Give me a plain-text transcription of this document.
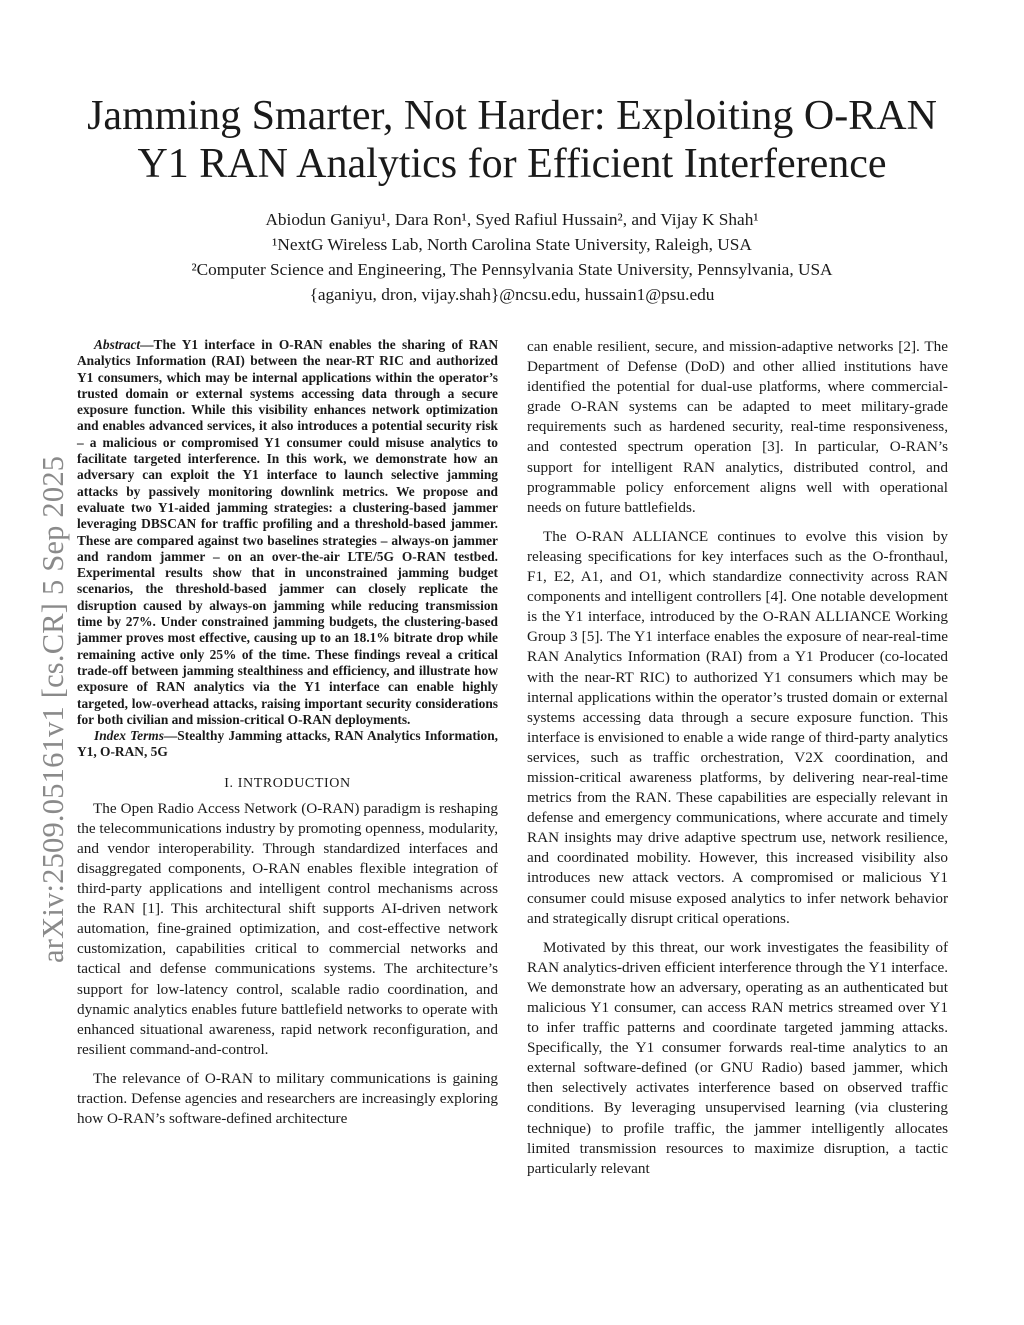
Jamming Smarter, Not Harder: Exploiting O-RAN
Y1 RAN Analytics for Efficient Interference
Abiodun Ganiyu¹, Dara Ron¹, Syed Rafiul Hussain², and Vijay K Shah¹
¹NextG Wireless Lab, North Carolina State University, Raleigh, USA
²Computer Science and Engineering, The Pennsylvania State University, Pennsylvania, USA
{aganiyu, dron, vijay.shah}@ncsu.edu, hussain1@psu.edu
arXiv:2509.05161v1 [cs.CR] 5 Sep 2025

Abstract—The Y1 interface in O-RAN enables the sharing of RAN Analytics Information (RAI) between the near-RT RIC and authorized Y1 consumers, which may be internal applications within the operator’s trusted domain or external systems accessing data through a secure exposure function. While this visibility enhances network optimization and enables advanced services, it also introduces a potential security risk – a malicious or compromised Y1 consumer could misuse analytics to facilitate targeted interference. In this work, we demonstrate how an adversary can exploit the Y1 interface to launch selective jamming attacks by passively monitoring downlink metrics. We propose and evaluate two Y1-aided jamming strategies: a clustering-based jammer leveraging DBSCAN for traffic profiling and a threshold-based jammer. These are compared against two baselines strategies – always-on jammer and random jammer – on an over-the-air LTE/5G O-RAN testbed. Experimental results show that in unconstrained jamming budget scenarios, the threshold-based jammer can closely replicate the disruption caused by always-on jamming while reducing transmission time by 27%. Under constrained jamming budgets, the clustering-based jammer proves most effective, causing up to an 18.1% bitrate drop while remaining active only 25% of the time. These findings reveal a critical trade-off between jamming stealthiness and efficiency, and illustrate how exposure of RAN analytics via the Y1 interface can enable highly targeted, low-overhead attacks, raising important security considerations for both civilian and mission-critical O-RAN deployments.

Index Terms—Stealthy Jamming attacks, RAN Analytics Information, Y1, O-RAN, 5G

I. INTRODUCTION

The Open Radio Access Network (O-RAN) paradigm is reshaping the telecommunications industry by promoting openness, modularity, and vendor interoperability. Through standardized interfaces and disaggregated components, O-RAN enables flexible integration of third-party applications and intelligent control mechanisms across the RAN [1]. This architectural shift supports AI-driven network automation, fine-grained optimization, and cost-effective network customization, capabilities critical to commercial networks and tactical and defense communications systems. The architecture’s support for low-latency control, scalable radio coordination, and dynamic analytics enables future battlefield networks to operate with enhanced situational awareness, rapid network reconfiguration, and resilient command-and-control.

The relevance of O-RAN to military communications is gaining traction. Defense agencies and researchers are increasingly exploring how O-RAN’s software-defined architecture

can enable resilient, secure, and mission-adaptive networks [2]. The Department of Defense (DoD) and other allied institutions have identified the potential for dual-use platforms, where commercial-grade O-RAN systems can be adapted to meet military-grade requirements such as hardened security, real-time responsiveness, and contested spectrum operation [3]. In particular, O-RAN’s support for intelligent RAN analytics, distributed control, and programmable policy enforcement aligns well with operational needs on future battlefields.

The O-RAN ALLIANCE continues to evolve this vision by releasing specifications for key interfaces such as the O-fronthaul, F1, E2, A1, and O1, which standardize connectivity across RAN components and intelligent controllers [4]. One notable development is the Y1 interface, introduced by the O-RAN ALLIANCE Working Group 3 [5]. The Y1 interface enables the exposure of near-real-time RAN Analytics Information (RAI) from a Y1 Producer (co-located with the near-RT RIC) to authorized Y1 consumers which may be internal applications within the operator’s trusted domain or external systems accessing data through a secure exposure function. This interface is envisioned to enable a wide range of third-party analytics services, such as traffic orchestration, V2X coordination, and mission-critical awareness platforms, by delivering near-real-time metrics from the RAN. These capabilities are especially relevant in defense and emergency communications, where accurate and timely RAN insights may drive adaptive spectrum use, network resilience, and coordinated mobility. However, this increased visibility also introduces new attack vectors. A compromised or malicious Y1 consumer could misuse exposed analytics to infer network behavior and strategically disrupt critical operations.

Motivated by this threat, our work investigates the feasibility of RAN analytics-driven efficient interference through the Y1 interface. We demonstrate how an adversary, operating as an authenticated but malicious Y1 consumer, can access RAN metrics streamed over Y1 to infer traffic patterns and coordinate targeted jamming attacks. Specifically, the Y1 consumer forwards real-time analytics to an external software-defined (or GNU Radio) based jammer, which then selectively activates interference based on observed traffic conditions. By leveraging unsupervised learning (via clustering technique) to profile traffic, the jammer intelligently allocates limited transmission resources to maximize disruption, a tactic particularly relevant
